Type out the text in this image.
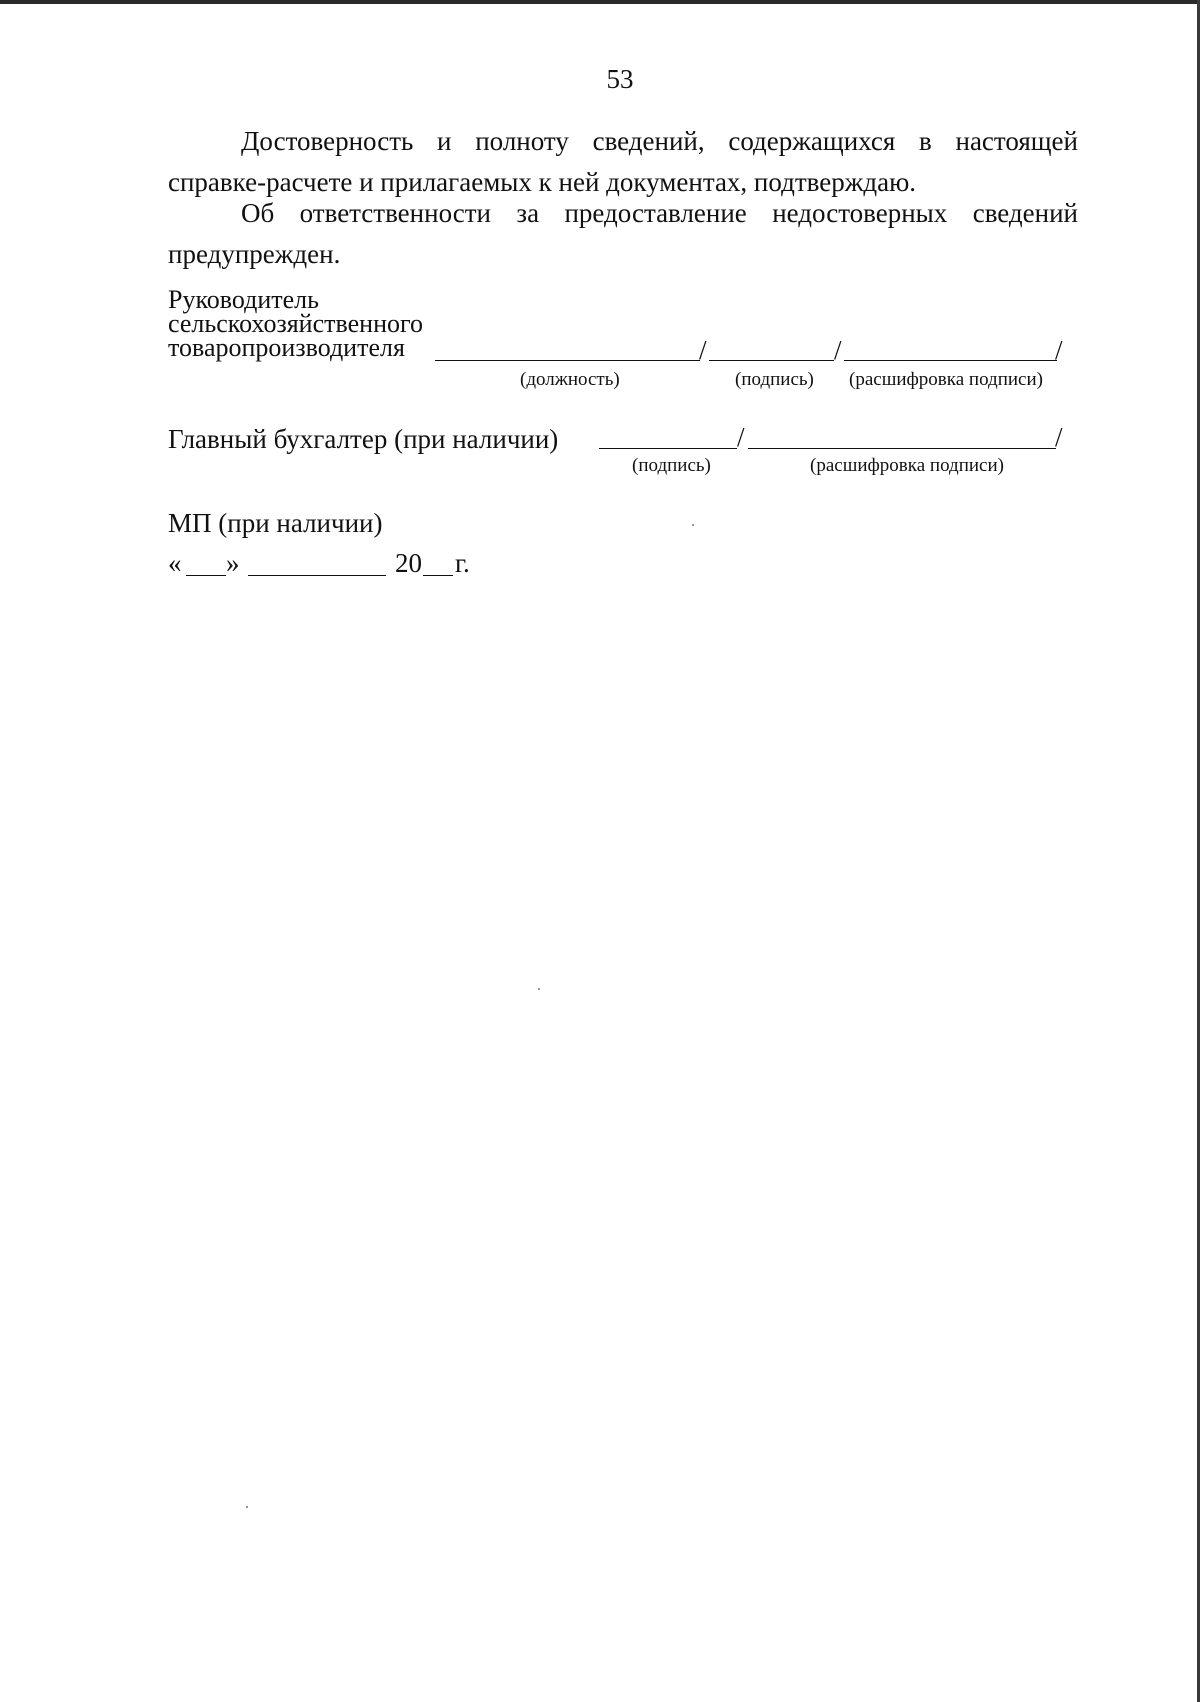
53
Достоверность и полноту сведений, содержащихся в настоящей справке-расчете и прилагаемых к ней документах, подтверждаю.
Об ответственности за предоставление недостоверных сведений предупрежден.
Руководитель
сельскохозяйственного
товаропроизводителя	/	/	/
(должность)	(подпись) (расшифровка подписи)
Главный бухгалтер (при наличии)	/	/
(подпись)	(расшифровка подписи)
МП (при наличии)
« »	20 г.
